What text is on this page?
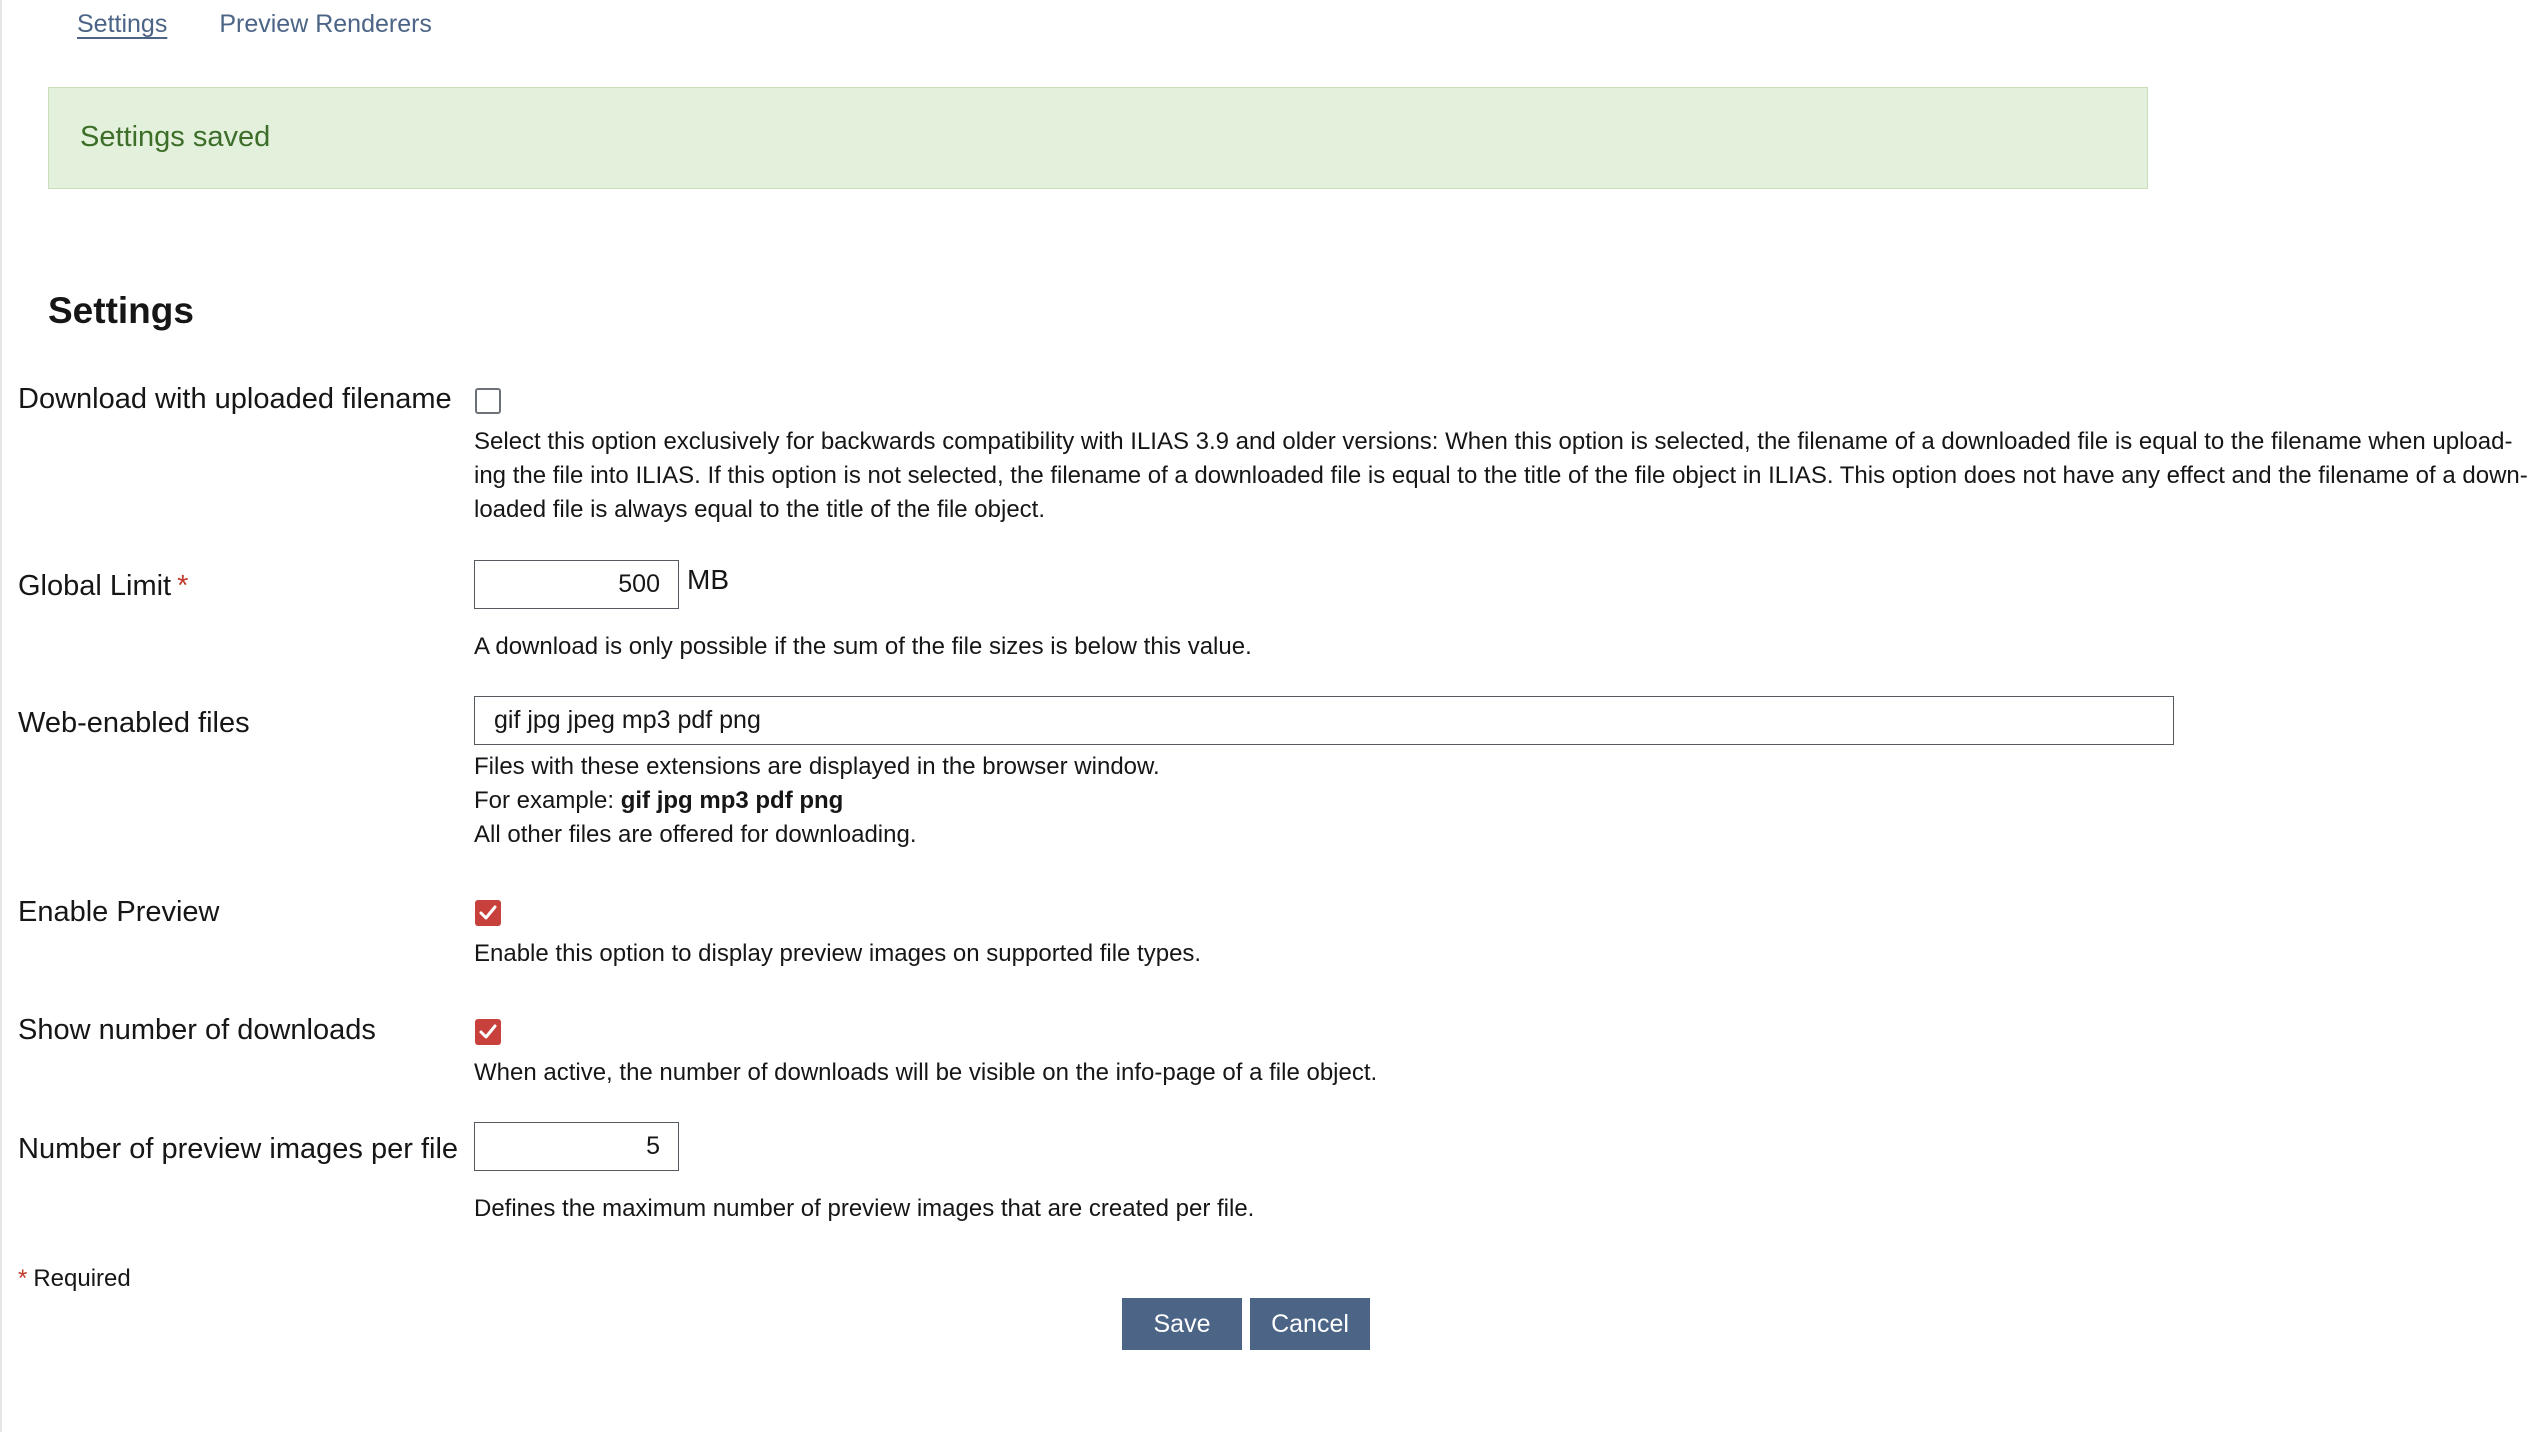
Settings Preview Renderers
Settings saved
Settings
Download with uploaded filename
Select this option exclusively for backwards compatibility with ILIAS 3.9 and older versions: When this option is selected, the filename of a downloaded file is equal to the filename when upload-
ing the file into ILIAS. If this option is not selected, the filename of a downloaded file is equal to the title of the file object in ILIAS. This option does not have any effect and the filename of a down-
loaded file is always equal to the title of the file object.
Global Limit *
500	MB
A download is only possible if the sum of the file sizes is below this value.
Web-enabled files
gif jpg jpeg mp3 pdf png
Files with these extensions are displayed in the browser window.
For example: gif jpg mp3 pdf png
All other files are offered for downloading.
Enable Preview
Enable this option to display preview images on supported file types.
Show number of downloads
When active, the number of downloads will be visible on the info-page of a file object.
Number of preview images per file
5
Defines the maximum number of preview images that are created per file.
* Required
Save	Cancel
